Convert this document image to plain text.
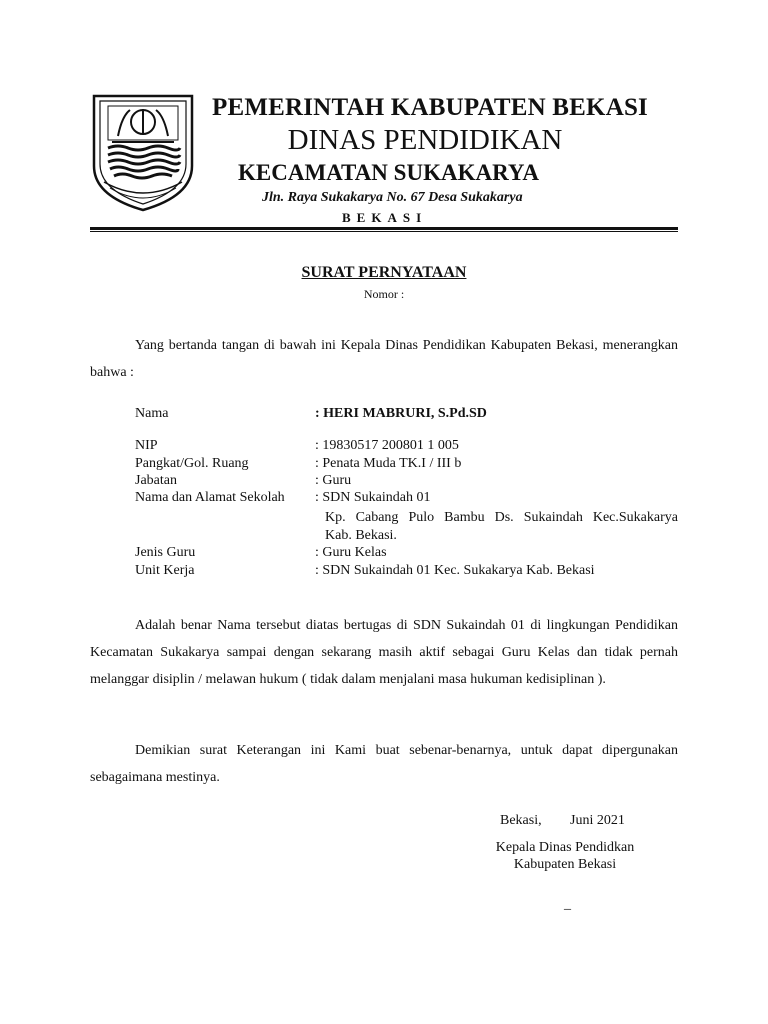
PEMERINTAH KABUPATEN BEKASI
DINAS PENDIDIKAN
KECAMATAN SUKAKARYA
Jln. Raya Sukakarya No. 67 Desa Sukakarya
BEKASI
SURAT PERNYATAAN
Nomor :
Yang bertanda tangan di bawah ini Kepala Dinas Pendidikan Kabupaten Bekasi, menerangkan bahwa :
Nama	: HERI MABRURI, S.Pd.SD
NIP	: 19830517 200801 1 005
Pangkat/Gol. Ruang	: Penata Muda TK.I / III b
Jabatan	: Guru
Nama dan Alamat Sekolah : SDN Sukaindah 01
Kp. Cabang Pulo Bambu Ds. Sukaindah Kec.Sukakarya
Kab. Bekasi.
Jenis Guru	: Guru Kelas
Unit Kerja	: SDN Sukaindah 01 Kec. Sukakarya Kab. Bekasi
Adalah benar Nama tersebut diatas bertugas di SDN Sukaindah 01 di lingkungan Pendidikan Kecamatan Sukakarya sampai dengan sekarang masih aktif sebagai Guru Kelas dan tidak pernah melanggar disiplin / melawan hukum ( tidak dalam menjalani masa hukuman kedisiplinan ).
Demikian surat Keterangan ini Kami buat sebenar-benarnya, untuk dapat dipergunakan sebagaimana mestinya.
Bekasi, Juni 2021
Kepala Dinas Pendidkan
Kabupaten Bekasi
_
